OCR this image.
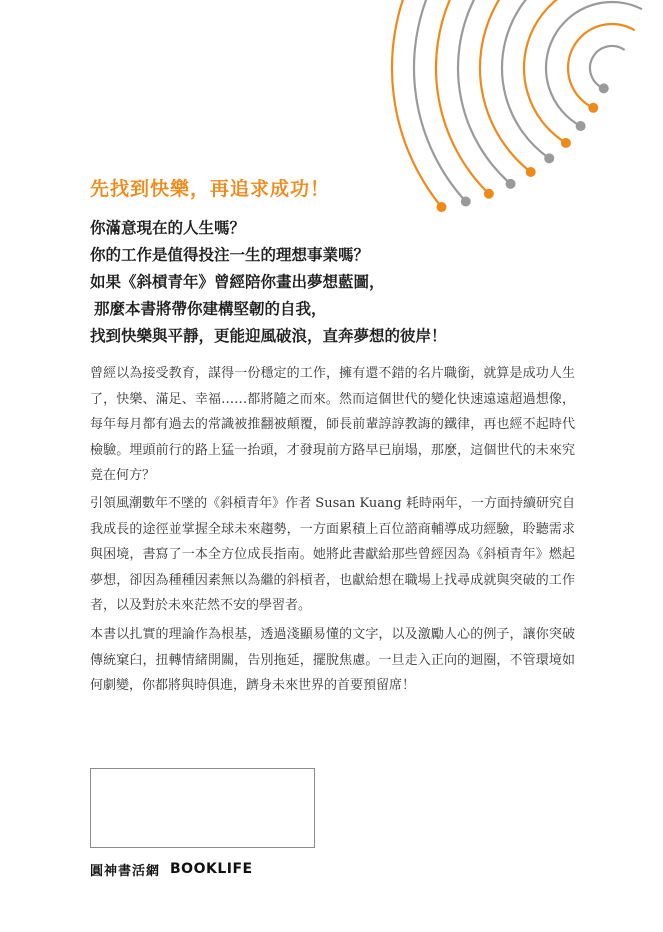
先找到快樂，再追求成功！
你滿意現在的人生嗎？
你的工作是值得投注一生的理想事業嗎？
如果《斜槓青年》曾經陪你畫出夢想藍圖，
那麼本書將帶你建構堅韌的自我，
找到快樂與平靜，更能迎風破浪，直奔夢想的彼岸！

曾經以為接受教育，謀得一份穩定的工作，擁有還不錯的名片職銜，就算是成功人生了，快樂、滿足、幸福……都將隨之而來。然而這個世代的變化快速遠遠超過想像，每年每月都有過去的常識被推翻被顛覆，師長前輩諄諄教誨的鐵律，再也經不起時代檢驗。埋頭前行的路上猛一抬頭，才發現前方路早已崩塌，那麼，這個世代的未來究竟在何方？

引領風潮數年不墜的《斜槓青年》作者 Susan Kuang 耗時兩年，一方面持續研究自我成長的途徑並掌握全球未來趨勢，一方面累積上百位諮商輔導成功經驗，聆聽需求與困境，書寫了一本全方位成長指南。她將此書獻給那些曾經因為《斜槓青年》燃起夢想，卻因為種種因素無以為繼的斜槓者，也獻給想在職場上找尋成就與突破的工作者，以及對於未來茫然不安的學習者。

本書以扎實的理論作為根基，透過淺顯易懂的文字，以及激勵人心的例子，讓你突破傳統窠臼，扭轉情緒開關，告別拖延，擺脫焦慮。一旦走入正向的迴圈，不管環境如何劇變，你都將與時俱進，躋身未來世界的首要預留席！

圓神書活網 BOOKLIFE
